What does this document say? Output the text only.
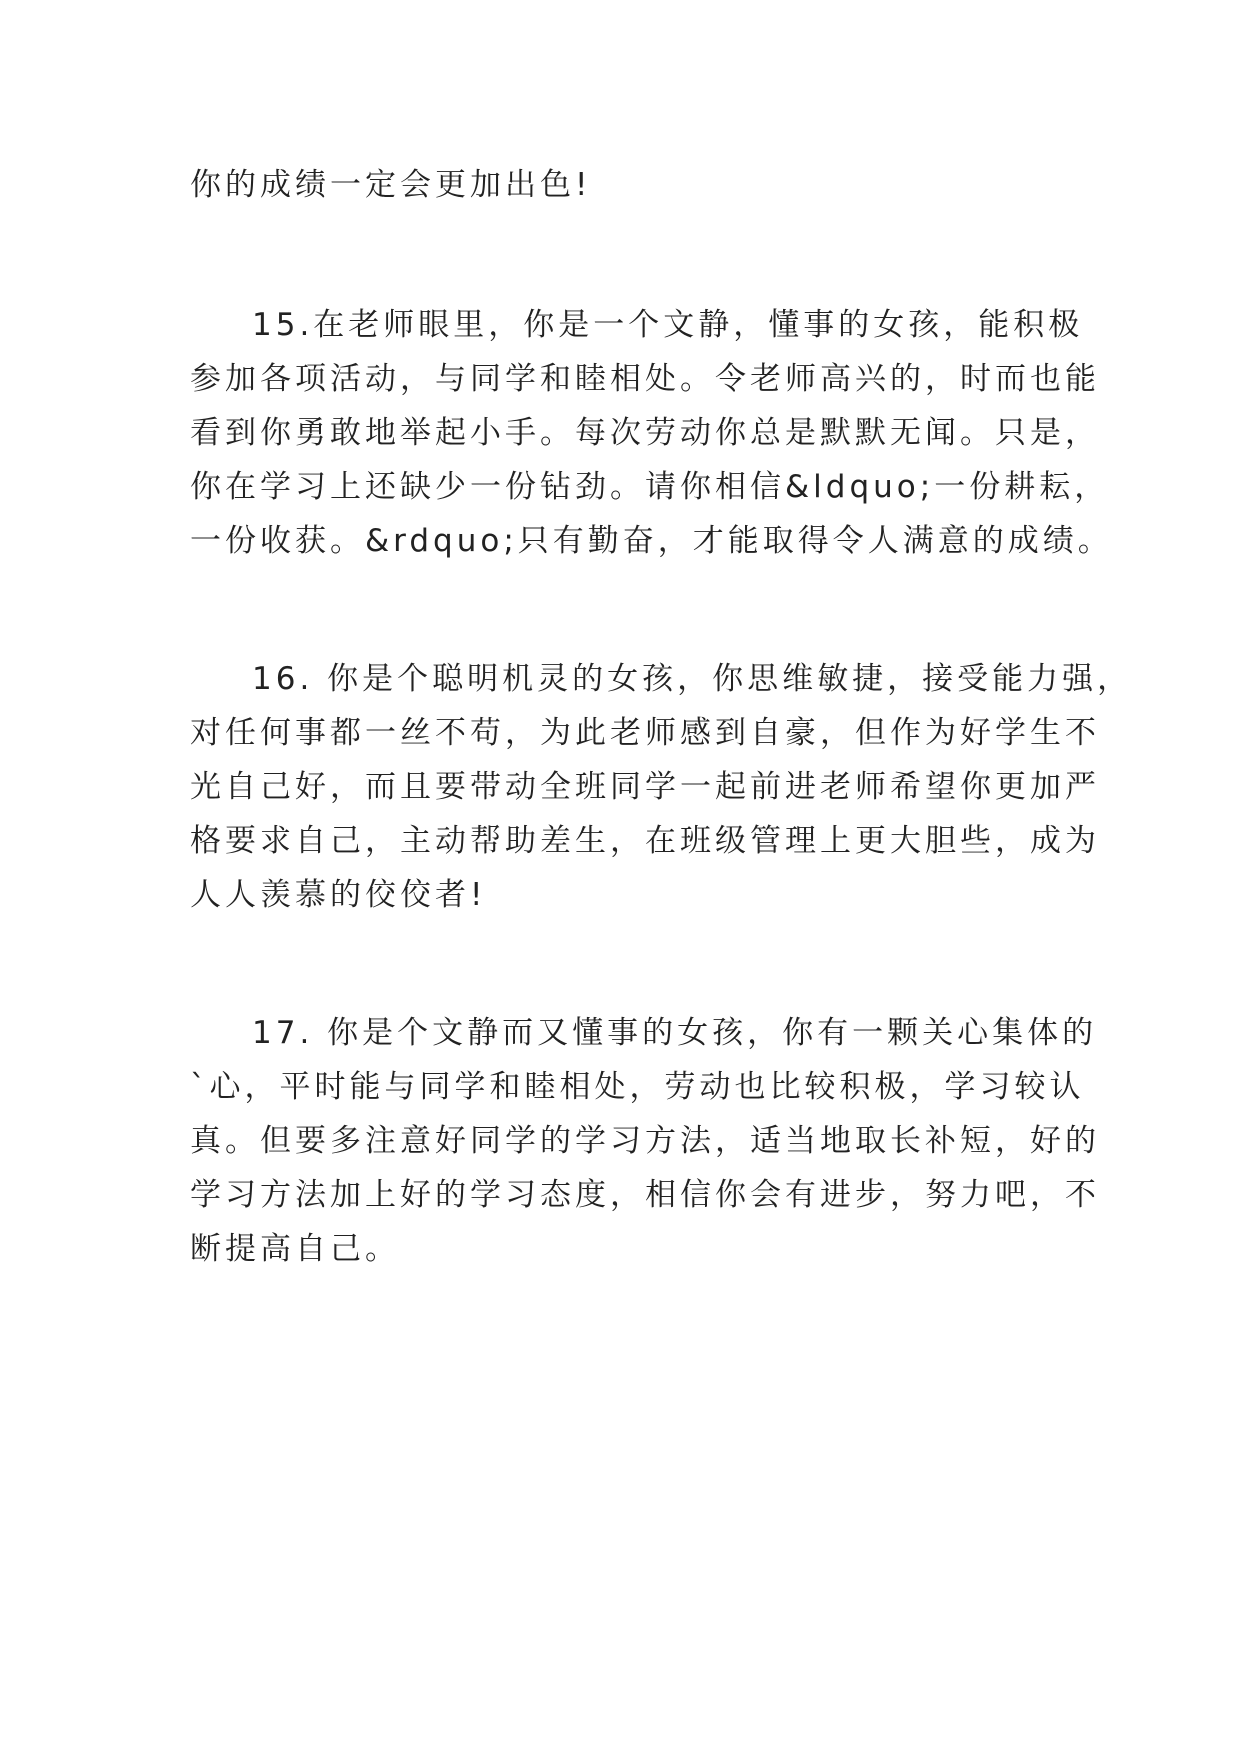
你的成绩一定会更加出色!
15.在老师眼里，你是一个文静，懂事的女孩，能积极
参加各项活动，与同学和睦相处。令老师高兴的，时而也能
看到你勇敢地举起小手。每次劳动你总是默默无闻。只是，
你在学习上还缺少一份钻劲。请你相信&ldquo;一份耕耘，
一份收获。&rdquo;只有勤奋，才能取得令人满意的成绩。
16. 你是个聪明机灵的女孩，你思维敏捷，接受能力强，
对任何事都一丝不苟，为此老师感到自豪，但作为好学生不
光自己好，而且要带动全班同学一起前进老师希望你更加严
格要求自己，主动帮助差生，在班级管理上更大胆些，成为
人人羡慕的佼佼者!
17. 你是个文静而又懂事的女孩，你有一颗关心集体的
`心，平时能与同学和睦相处，劳动也比较积极，学习较认
真。但要多注意好同学的学习方法，适当地取长补短，好的
学习方法加上好的学习态度，相信你会有进步，努力吧，不
断提高自己。
